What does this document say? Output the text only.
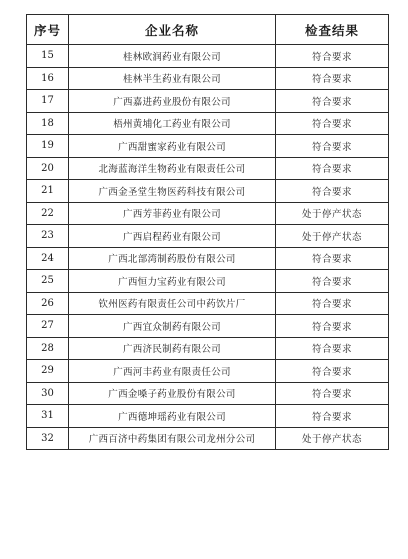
序号	企业名称	检查结果
15	桂林欧润药业有限公司	符合要求
16	桂林半生药业有限公司	符合要求
17	广西嘉进药业股份有限公司	符合要求
18	梧州黄埔化工药业有限公司	符合要求
19	广西甜蜜家药业有限公司	符合要求
20	北海蓝海洋生物药业有限责任公司	符合要求
21	广西金圣堂生物医药科技有限公司	符合要求
22	广西芳菲药业有限公司	处于停产状态
23	广西启程药业有限公司	处于停产状态
24	广西北部湾制药股份有限公司	符合要求
25	广西恒力宝药业有限公司	符合要求
26	钦州医药有限责任公司中药饮片厂	符合要求
27	广西宜众制药有限公司	符合要求
28	广西济民制药有限公司	符合要求
29	广西河丰药业有限责任公司	符合要求
30	广西金嗓子药业股份有限公司	符合要求
31	广西德坤瑶药业有限公司	符合要求
32	广西百济中药集团有限公司龙州分公司	处于停产状态
